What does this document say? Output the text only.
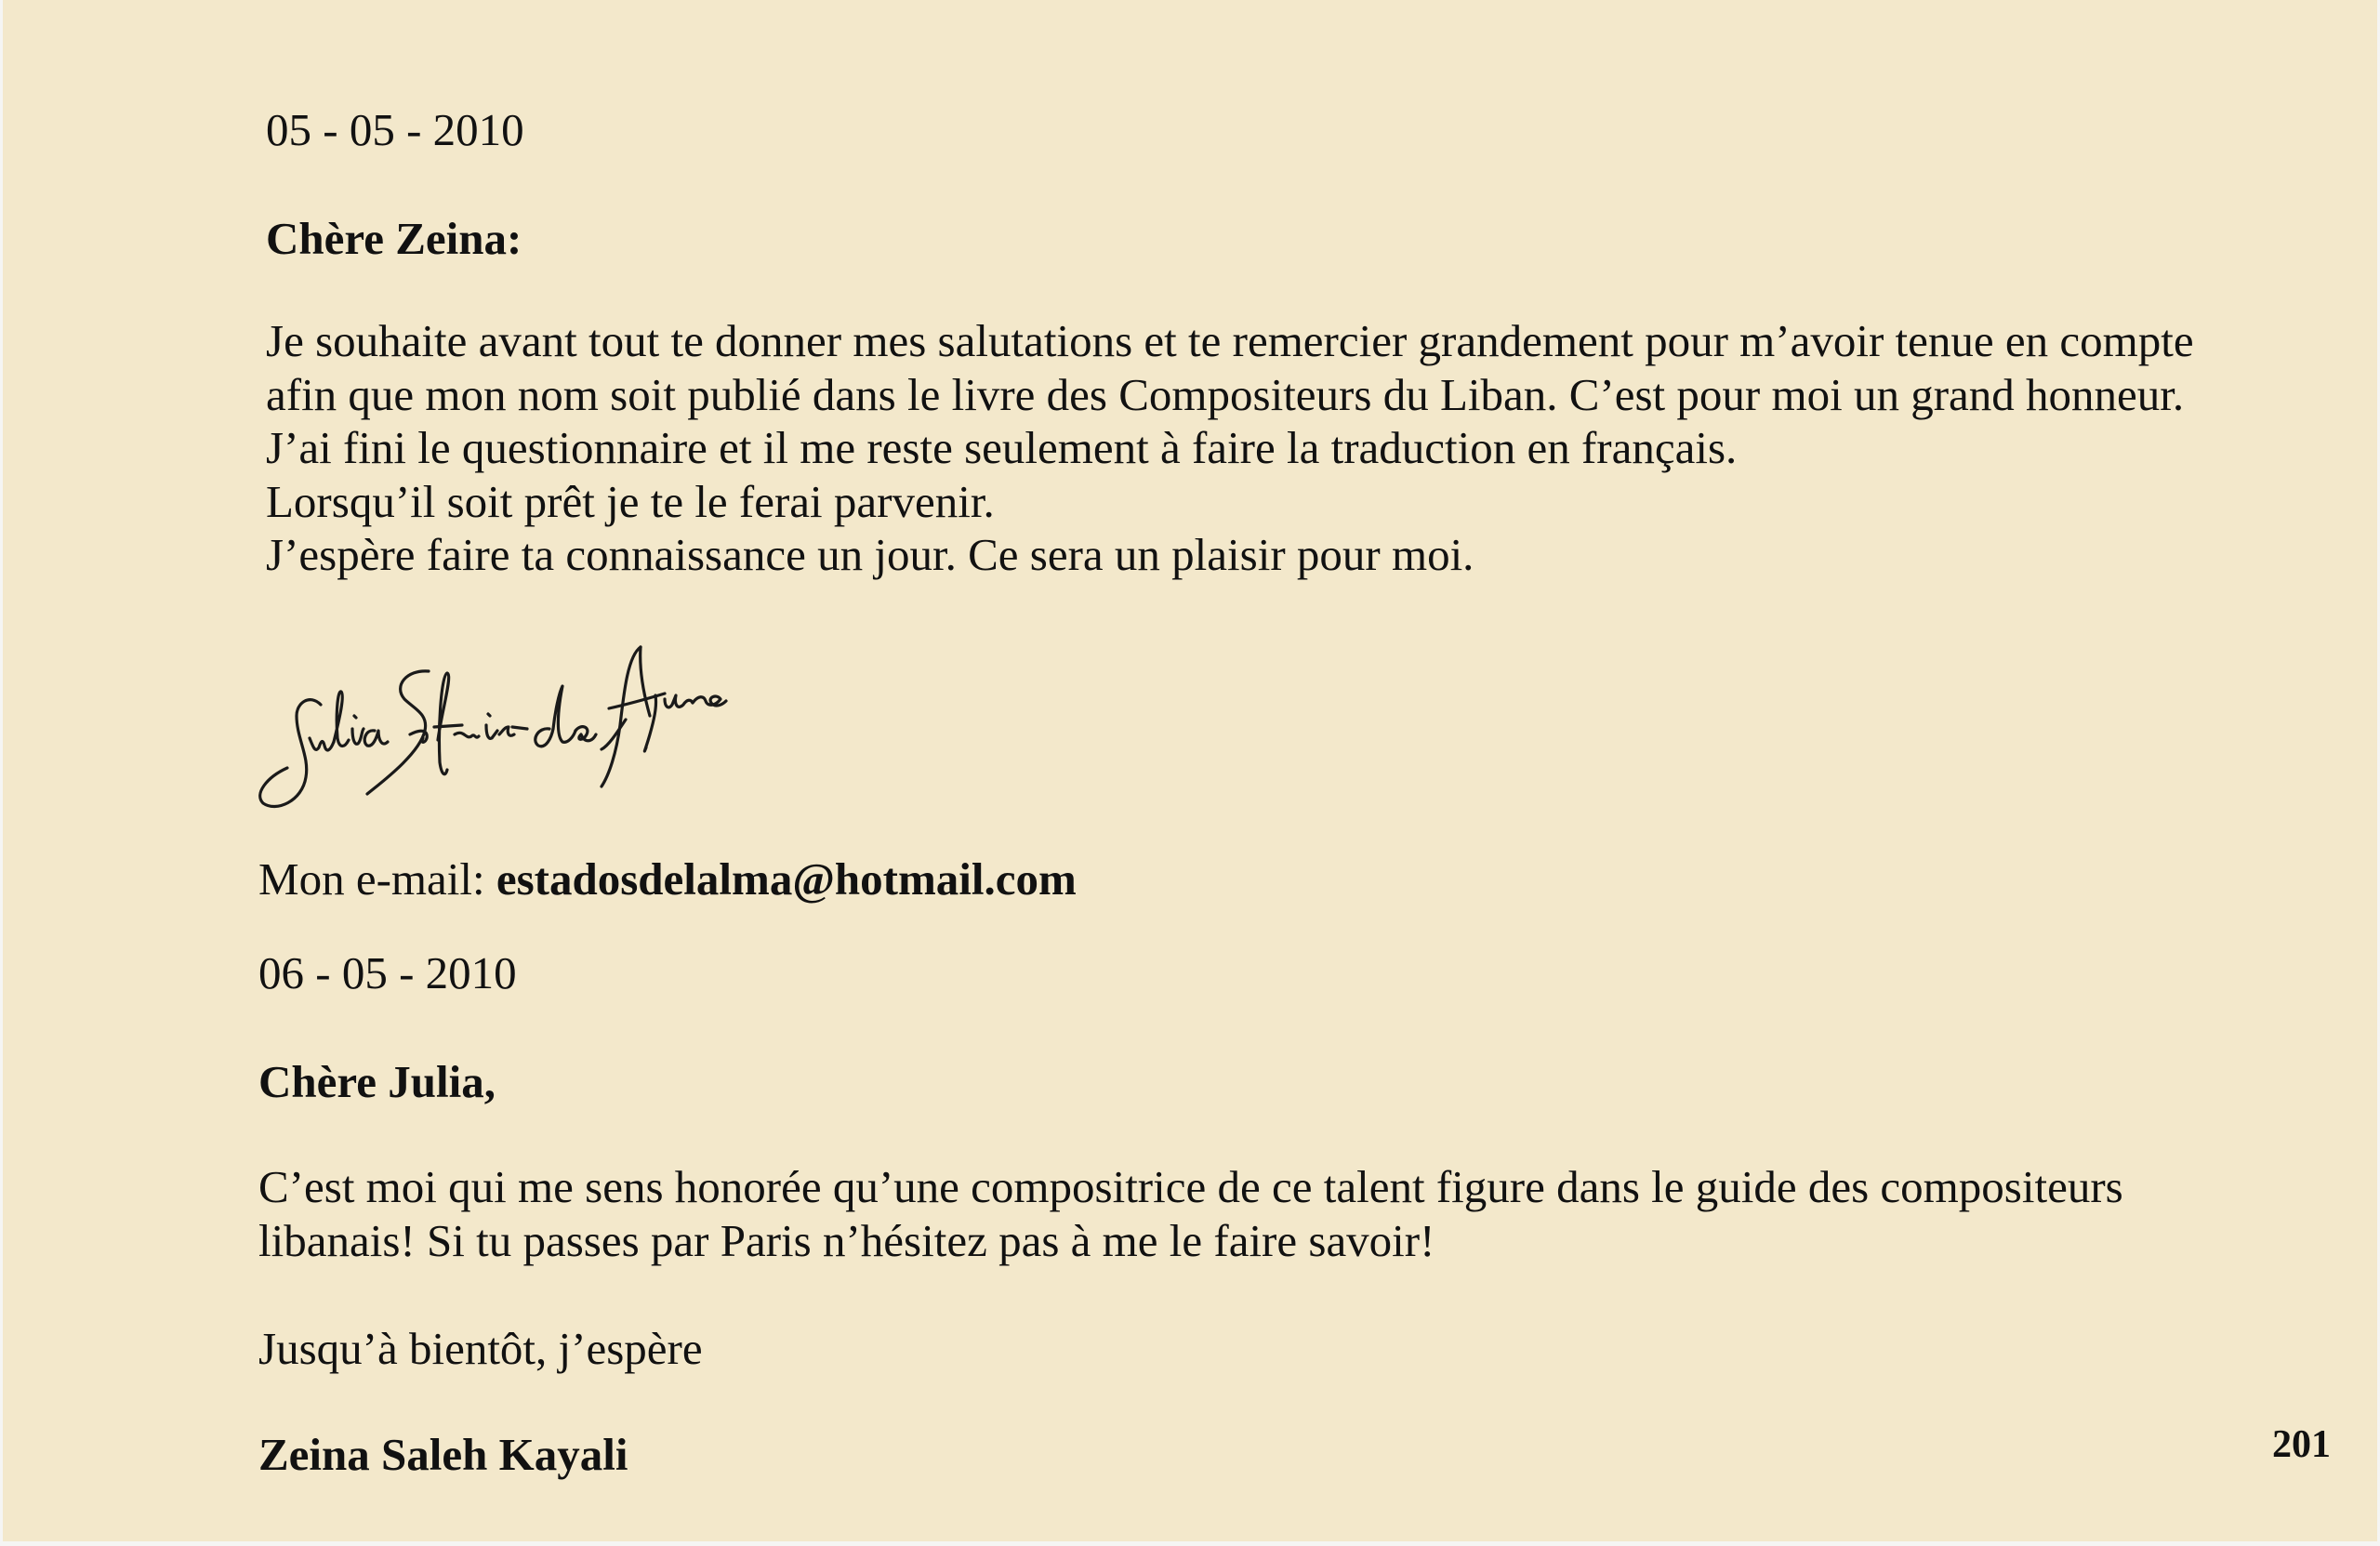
05 - 05 - 2010

Chère Zeina:

Je souhaite avant tout te donner mes salutations et te remercier grandement pour m’avoir tenue en compte
afin que mon nom soit publié dans le livre des Compositeurs du Liban. C’est pour moi un grand honneur.
J’ai fini le questionnaire et il me reste seulement à faire la traduction en français.
Lorsqu’il soit prêt je te le ferai parvenir.
J’espère faire ta connaissance un jour. Ce sera un plaisir pour moi.

Mon e-mail: estadosdelalma@hotmail.com

06 - 05 - 2010

Chère Julia,

C’est moi qui me sens honorée qu’une compositrice de ce talent figure dans le guide des compositeurs
libanais! Si tu passes par Paris n’hésitez pas à me le faire savoir!

Jusqu’à bientôt, j’espère

Zeina Saleh Kayali	201
